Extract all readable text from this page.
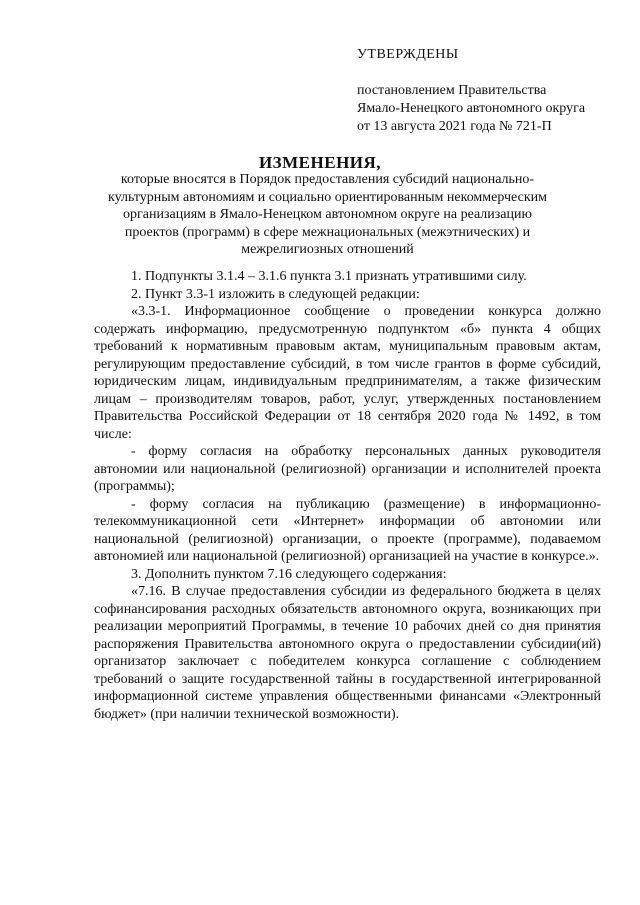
УТВЕРЖДЕНЫ
постановлением Правительства
Ямало-Ненецкого автономного округа
от 13 августа 2021 года № 721-П
ИЗМЕНЕНИЯ,
которые вносятся в Порядок предоставления субсидий национально-культурным автономиям и социально ориентированным некоммерческим организациям в Ямало-Ненецком автономном округе на реализацию проектов (программ) в сфере межнациональных (межэтнических) и межрелигиозных отношений

1. Подпункты 3.1.4 – 3.1.6 пункта 3.1 признать утратившими силу.

2. Пункт 3.3-1 изложить в следующей редакции:

«3.3-1. Информационное сообщение о проведении конкурса должно содержать информацию, предусмотренную подпунктом «б» пункта 4 общих требований к нормативным правовым актам, муниципальным правовым актам, регулирующим предоставление субсидий, в том числе грантов в форме субсидий, юридическим лицам, индивидуальным предпринимателям, а также физическим лицам – производителям товаров, работ, услуг, утвержденных постановлением Правительства Российской Федерации от 18 сентября 2020 года № 1492, в том числе:

- форму согласия на обработку персональных данных руководителя автономии или национальной (религиозной) организации и исполнителей проекта (программы);

- форму согласия на публикацию (размещение) в информационно-телекоммуникационной сети «Интернет» информации об автономии или национальной (религиозной) организации, о проекте (программе), подаваемом автономией или национальной (религиозной) организацией на участие в конкурсе.».

3. Дополнить пунктом 7.16 следующего содержания:

«7.16. В случае предоставления субсидии из федерального бюджета в целях софинансирования расходных обязательств автономного округа, возникающих при реализации мероприятий Программы, в течение 10 рабочих дней со дня принятия распоряжения Правительства автономного округа о предоставлении субсидии(ий) организатор заключает с победителем конкурса соглашение с соблюдением требований о защите государственной тайны в государственной интегрированной информационной системе управления общественными финансами «Электронный бюджет» (при наличии технической возможности).
